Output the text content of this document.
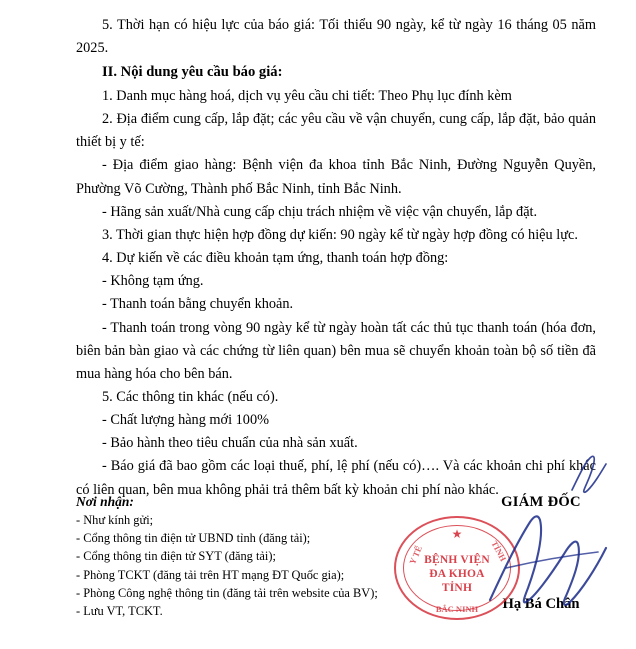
5. Thời hạn có hiệu lực của báo giá: Tối thiểu 90 ngày, kể từ ngày 16 tháng 05 năm 2025.

II. Nội dung yêu cầu báo giá:

1. Danh mục hàng hoá, dịch vụ yêu cầu chi tiết: Theo Phụ lục đính kèm

2. Địa điểm cung cấp, lắp đặt; các yêu cầu về vận chuyển, cung cấp, lắp đặt, bảo quản thiết bị y tế:

- Địa điểm giao hàng: Bệnh viện đa khoa tỉnh Bắc Ninh, Đường Nguyễn Quyền, Phường Võ Cường, Thành phố Bắc Ninh, tỉnh Bắc Ninh.

- Hãng sản xuất/Nhà cung cấp chịu trách nhiệm về việc vận chuyển, lắp đặt.

3. Thời gian thực hiện hợp đồng dự kiến: 90 ngày kể từ ngày hợp đồng có hiệu lực.

4. Dự kiến về các điều khoản tạm ứng, thanh toán hợp đồng:

- Không tạm ứng.

- Thanh toán bằng chuyển khoản.

- Thanh toán trong vòng 90 ngày kể từ ngày hoàn tất các thủ tục thanh toán (hóa đơn, biên bản bàn giao và các chứng từ liên quan) bên mua sẽ chuyển khoản toàn bộ số tiền đã mua hàng hóa cho bên bán.

5. Các thông tin khác (nếu có).

- Chất lượng hàng mới 100%

- Bảo hành theo tiêu chuẩn của nhà sản xuất.

- Báo giá đã bao gồm các loại thuế, phí, lệ phí (nếu có)…. Và các khoản chi phí khác có liên quan, bên mua không phải trả thêm bất kỳ khoản chi phí nào khác.

Nơi nhận:
- Như kính gửi;
- Cổng thông tin điện tử UBND tỉnh (đăng tải);
- Cổng thông tin điện tử SYT (đăng tải);
- Phòng TCKT (đăng tải trên HT mạng ĐT Quốc gia);
- Phòng Công nghệ thông tin (đăng tải trên website của BV);
- Lưu VT, TCKT.
GIÁM ĐỐC
Hạ Bá Chân
★
Y TẾ	TỈNH
BỆNH VIỆN
ĐA KHOA
TỈNH
BẮC NINH
